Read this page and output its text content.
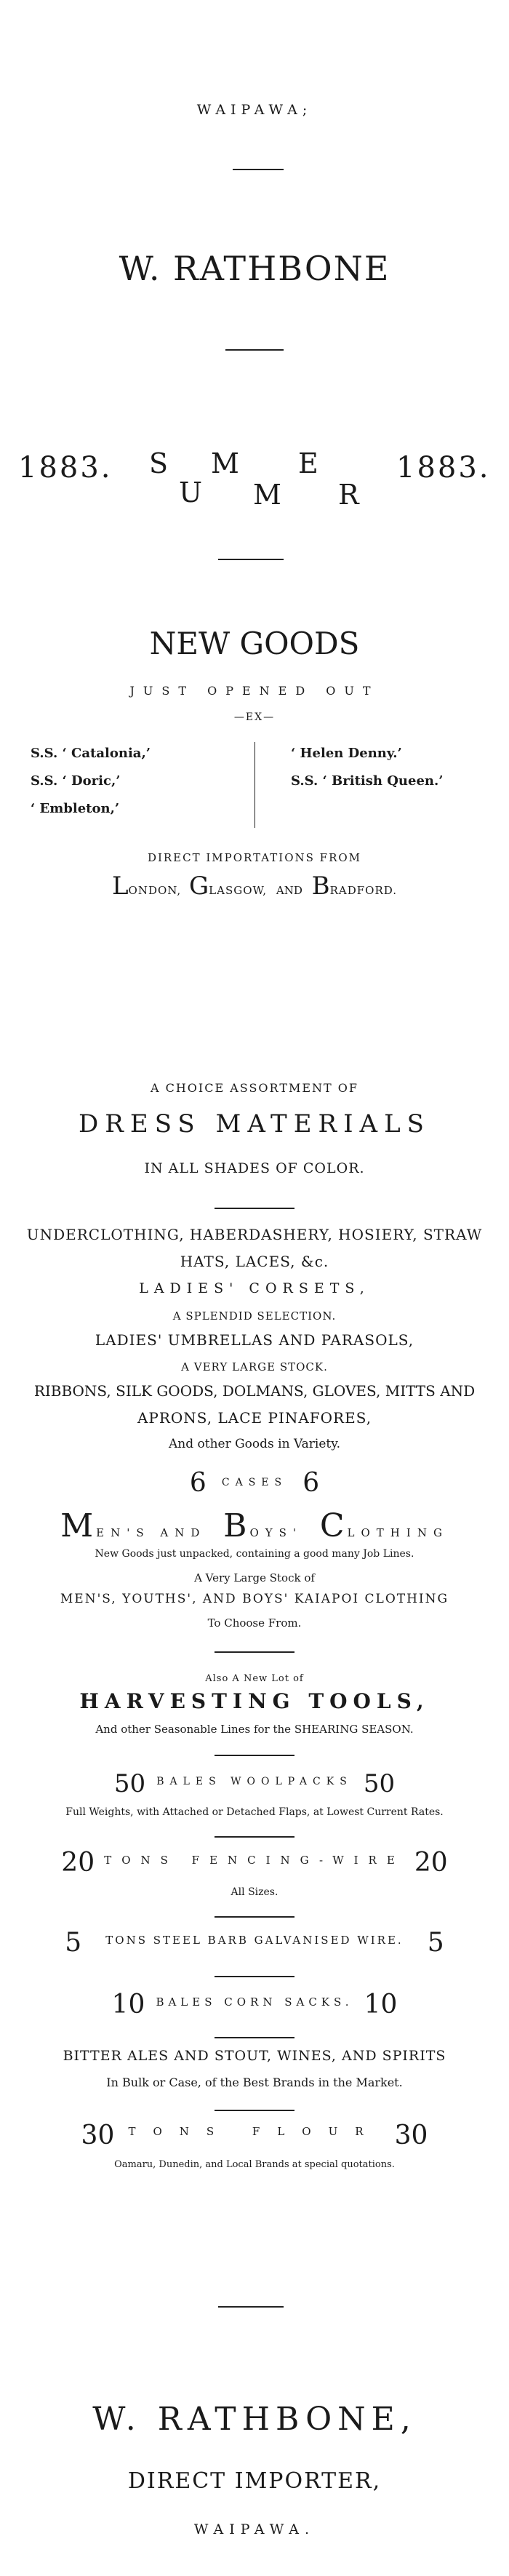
WAIPAWA;
W. RATHBONE
1883. S
U
M
M
E
R
1883.
NEW GOODS
JUST OPENED OUT
—EX—
S.S. ‘ Catalonia,’
S.S. ‘ Doric,’
‘ Embleton,’
‘ Helen Denny.’
S.S. ‘ British Queen.’
DIRECT IMPORTATIONS FROM
LONDON, GLASGOW, AND BRADFORD.
A CHOICE ASSORTMENT OF
DRESS MATERIALS
IN ALL SHADES OF COLOR.
UNDERCLOTHING, HABERDASHERY, HOSIERY, STRAW
HATS, LACES, &c.
LADIES' CORSETS,
A SPLENDID SELECTION.
LADIES' UMBRELLAS AND PARASOLS,
A VERY LARGE STOCK.
RIBBONS, SILK GOODS, DOLMANS, GLOVES, MITTS AND
APRONS, LACE PINAFORES,
And other Goods in Variety.
6 CASES 6
MEN'S AND BOYS' CLOTHING
New Goods just unpacked, containing a good many Job Lines.
A Very Large Stock of
MEN'S, YOUTHS', AND BOYS' KAIAPOI CLOTHING
To Choose From.
Also A New Lot of
HARVESTING TOOLS,
And other Seasonable Lines for the SHEARING SEASON.
50 BALES WOOLPACKS 50
Full Weights, with Attached or Detached Flaps, at Lowest Current Rates.
20 TONS FENCING-WIRE 20
All Sizes.
5 TONS STEEL BARB GALVANISED WIRE. 5
10 BALES CORN SACKS. 10
BITTER ALES AND STOUT, WINES, AND SPIRITS
In Bulk or Case, of the Best Brands in the Market.
30 TONS FLOUR 30
Oamaru, Dunedin, and Local Brands at special quotations.
W. RATHBONE,
DIRECT IMPORTER,
WAIPAWA.
